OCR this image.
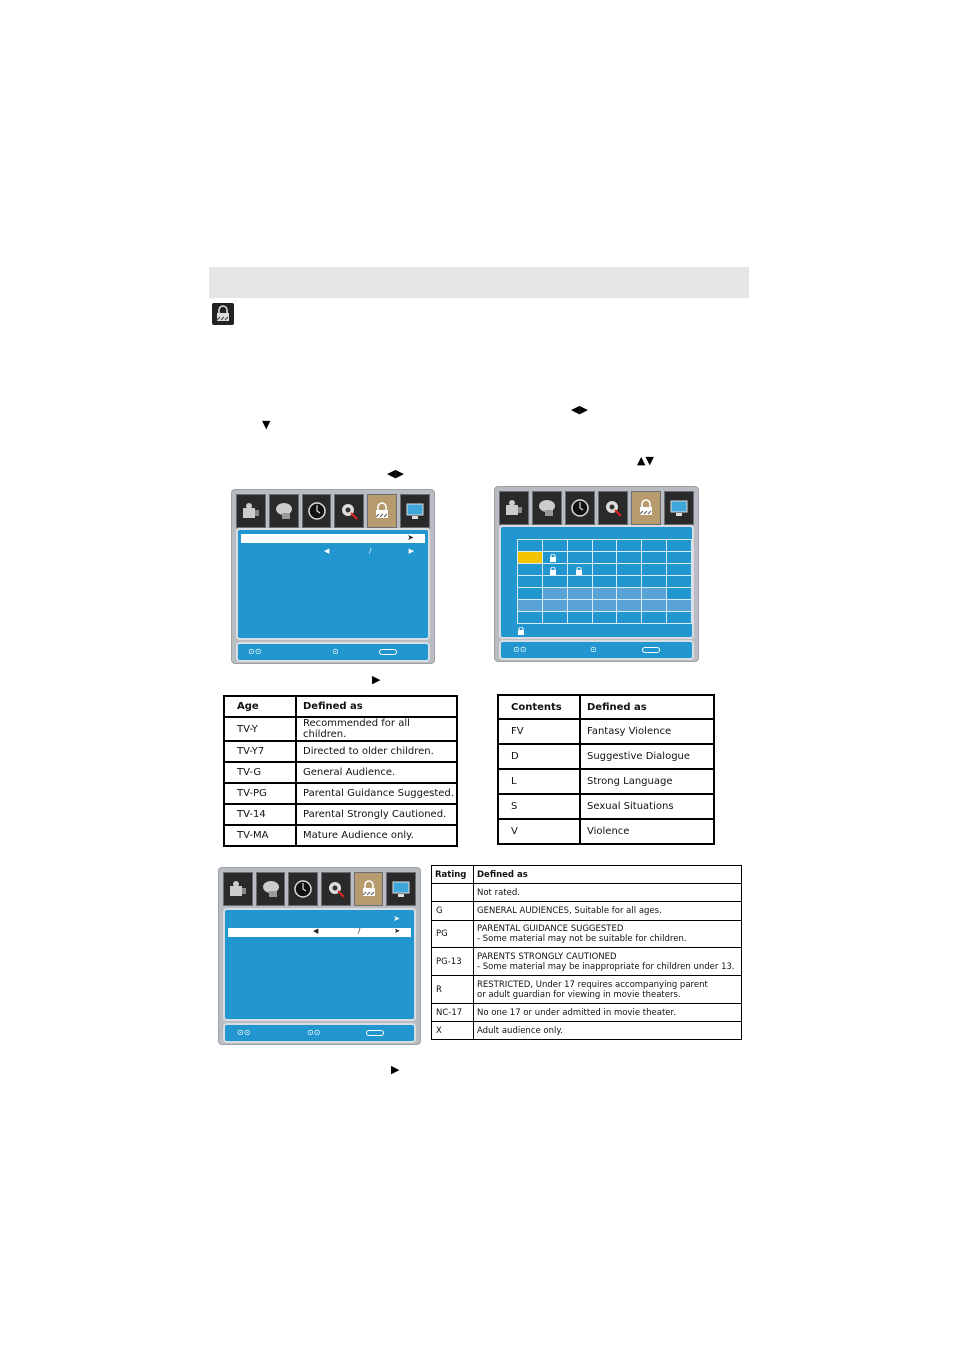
◀▶
▼
▲▼
◀▶
▶
▶
➤
◀	/	▶
⊙⊙	⊙

							⊙⊙	⊙
➤
◀	/	➤
⊙⊙	⊙⊙
Age	Defined as
TV-Y	Recommended for all children.
TV-Y7	Directed to older children.
TV-G	General Audience.
TV-PG	Parental Guidance Suggested.
TV-14	Parental Strongly Cautioned.
TV-MA	Mature Audience only.
Contents	Defined as
FV	Fantasy Violence
D	Suggestive Dialogue
L	Strong Language
S	Sexual Situations
V	Violence
Rating	Defined as

	Not rated.

G	GENERAL AUDIENCES, Suitable for all ages.

PG	PARENTAL GUIDANCE SUGGESTED
- Some material may not be suitable for children.

PG-13	PARENTS STRONGLY CAUTIONED
- Some material may be inappropriate for children under 13.

R	RESTRICTED, Under 17 requires accompanying parent
or adult guardian for viewing in movie theaters.

NC-17	No one 17 or under admitted in movie theater.

X	Adult audience only.
